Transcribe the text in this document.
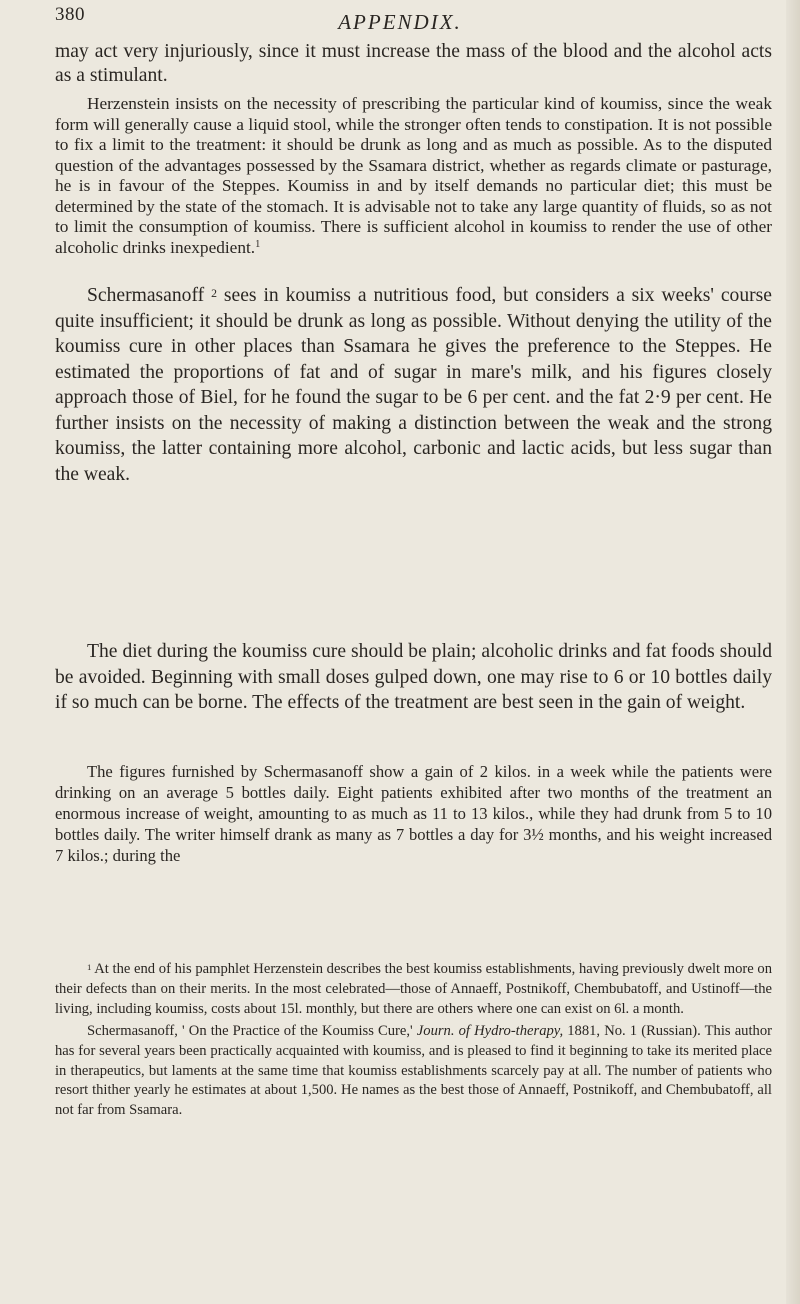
380	APPENDIX.

may act very injuriously, since it must increase the mass of the blood and the alcohol acts as a stimulant.

Herzenstein insists on the necessity of prescribing the particular kind of koumiss, since the weak form will generally cause a liquid stool, while the stronger often tends to constipation. It is not possible to fix a limit to the treatment: it should be drunk as long and as much as possible. As to the disputed question of the advantages possessed by the Ssamara district, whether as regards climate or pasturage, he is in favour of the Steppes. Koumiss in and by itself demands no particular diet; this must be determined by the state of the stomach. It is advisable not to take any large quantity of fluids, so as not to limit the consumption of koumiss. There is sufficient alcohol in koumiss to render the use of other alcoholic drinks inexpedient.$^1$

Schermasanoff $^2$ sees in koumiss a nutritious food, but considers a six weeks' course quite insufficient; it should be drunk as long as possible. Without denying the utility of the koumiss cure in other places than Ssamara he gives the preference to the Steppes. He estimated the proportions of fat and of sugar in mare's milk, and his figures closely approach those of Biel, for he found the sugar to be 6 per cent. and the fat 2·9 per cent. He further insists on the necessity of making a distinction between the weak and the strong koumiss, the latter containing more alcohol, carbonic and lactic acids, but less sugar than the weak.

The diet during the koumiss cure should be plain; alcoholic drinks and fat foods should be avoided. Beginning with small doses gulped down, one may rise to 6 or 10 bottles daily if so much can be borne. The effects of the treatment are best seen in the gain of weight.

The figures furnished by Schermasanoff show a gain of 2 kilos. in a week while the patients were drinking on an average 5 bottles daily. Eight patients exhibited after two months of the treatment an enormous increase of weight, amounting to as much as 11 to 13 kilos., while they had drunk from 5 to 10 bottles daily. The writer himself drank as many as 7 bottles a day for 3½ months, and his weight increased 7 kilos.; during the

$^1$ At the end of his pamphlet Herzenstein describes the best koumiss establishments, having previously dwelt more on their defects than on their merits. In the most celebrated—those of Annaeff, Postnikoff, Chembubatoff, and Ustinoff—the living, including koumiss, costs about 15l. monthly, but there are others where one can exist on 6l. a month.

Schermasanoff, ' On the Practice of the Koumiss Cure,' Journ. of Hydro-therapy, 1881, No. 1 (Russian). This author has for several years been practically acquainted with koumiss, and is pleased to find it beginning to take its merited place in therapeutics, but laments at the same time that koumiss establishments scarcely pay at all. The number of patients who resort thither yearly he estimates at about 1,500. He names as the best those of Annaeff, Postnikoff, and Chembubatoff, all not far from Ssamara.
